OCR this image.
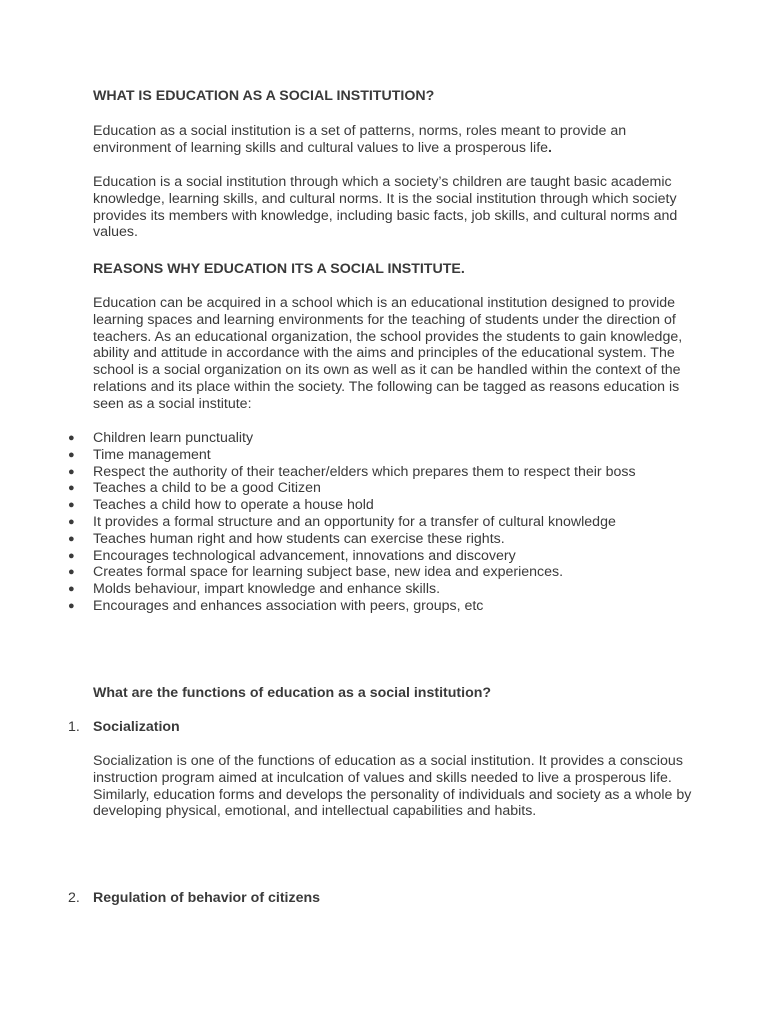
WHAT IS EDUCATION AS A SOCIAL INSTITUTION?

Education as a social institution is a set of patterns, norms, roles meant to provide an environment of learning skills and cultural values to live a prosperous life.

Education is a social institution through which a society’s children are taught basic academic knowledge, learning skills, and cultural norms. It is the social institution through which society provides its members with knowledge, including basic facts, job skills, and cultural norms and values.
REASONS WHY EDUCATION ITS A SOCIAL INSTITUTE.
Education can be acquired in a school which is an educational institution designed to provide learning spaces and learning environments for the teaching of students under the direction of teachers. As an educational organization, the school provides the students to gain knowledge, ability and attitude in accordance with the aims and principles of the educational system. The school is a social organization on its own as well as it can be handled within the context of the relations and its place within the society. The following can be tagged as reasons education is seen as a social institute:
● Children learn punctuality
● Time management
● Respect the authority of their teacher/elders which prepares them to respect their boss
● Teaches a child to be a good Citizen
● Teaches a child how to operate a house hold
● It provides a formal structure and an opportunity for a transfer of cultural knowledge
● Teaches human right and how students can exercise these rights.
● Encourages technological advancement, innovations and discovery
● Creates formal space for learning subject base, new idea and experiences.
● Molds behaviour, impart knowledge and enhance skills.
● Encourages and enhances association with peers, groups, etc
What are the functions of education as a social institution?
1. Socialization
Socialization is one of the functions of education as a social institution. It provides a conscious instruction program aimed at inculcation of values and skills needed to live a prosperous life. Similarly, education forms and develops the personality of individuals and society as a whole by developing physical, emotional, and intellectual capabilities and habits.
2. Regulation of behavior of citizens
